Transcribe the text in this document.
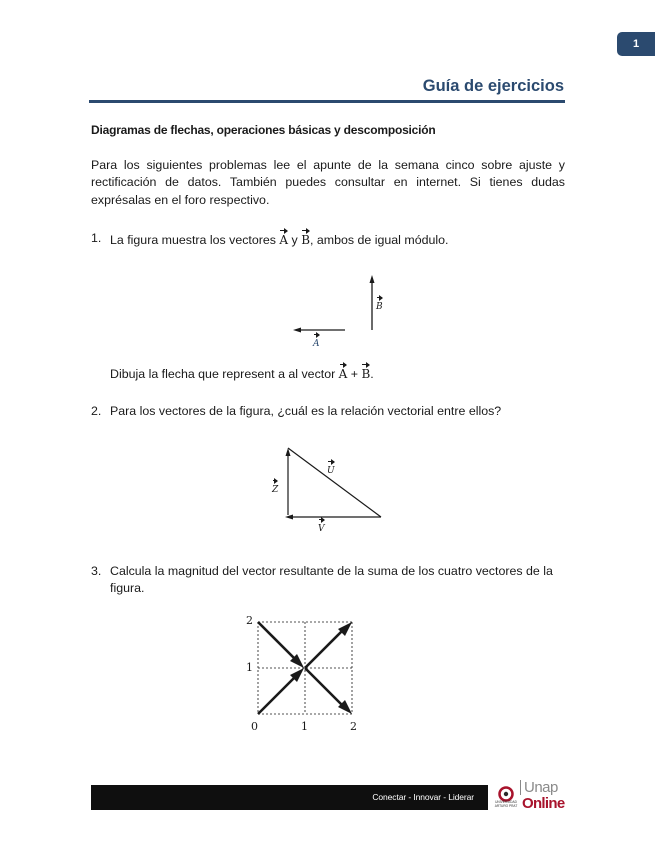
1
Guía de ejercicios
Diagramas de flechas, operaciones básicas y descomposición
Para los siguientes problemas lee el apunte de la semana cinco sobre ajuste y rectificación de datos. También puedes consultar en internet. Si tienes dudas exprésalas en el foro respectivo.
1. La figura muestra los vectores A y B, ambos de igual módulo.
B
A
Dibuja la flecha que represent a al vector A + B.
2. Para los vectores de la figura, ¿cuál es la relación vectorial entre ellos?
U
Z
V
3. Calcula la magnitud del vector resultante de la suma de los cuatro vectores de la figura.
0	1	2
1
2
Conectar - Innovar - Liderar	UNIVERSIDAD ARTURO PRAT
Unap
Online
